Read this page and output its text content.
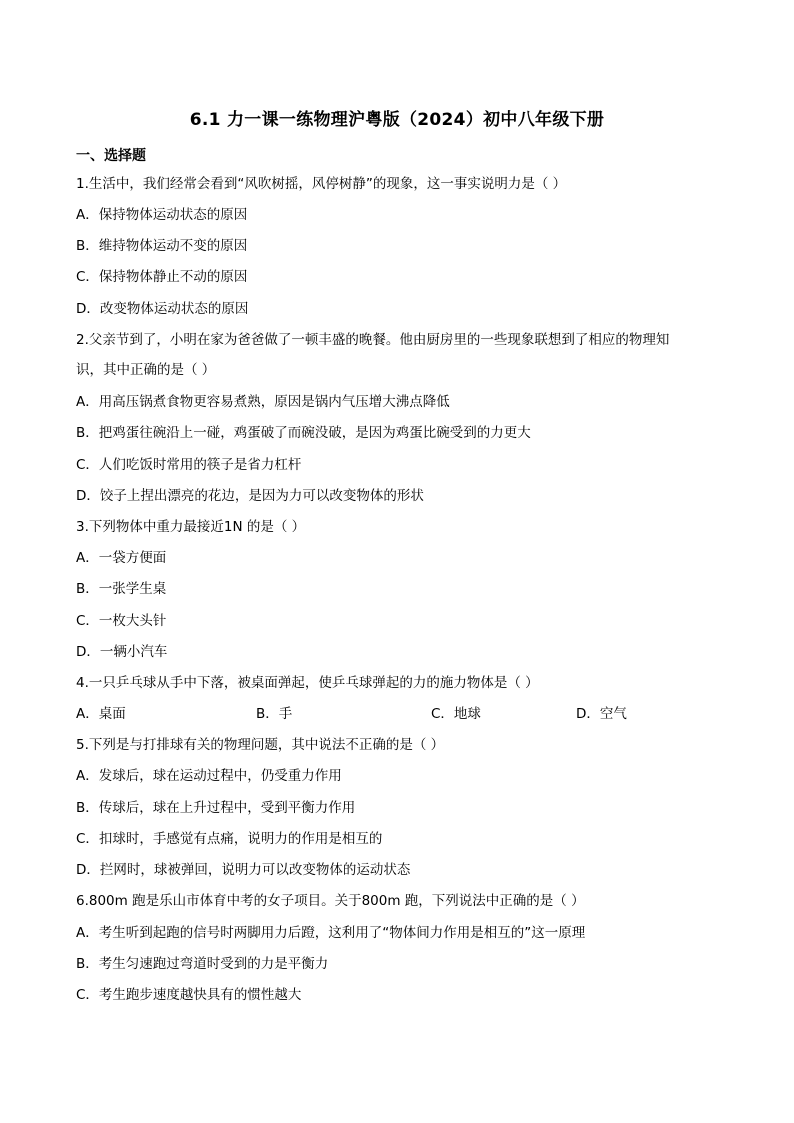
6.1 力一课一练物理沪粤版（2024）初中八年级下册
一、选择题
1.生活中，我们经常会看到“风吹树摇，风停树静”的现象，这一事实说明力是（ ）
A．保持物体运动状态的原因
B．维持物体运动不变的原因
C．保持物体静止不动的原因
D．改变物体运动状态的原因
2.父亲节到了，小明在家为爸爸做了一顿丰盛的晚餐。他由厨房里的一些现象联想到了相应的物理知
识，其中正确的是（ ）
A．用高压锅煮食物更容易煮熟，原因是锅内气压增大沸点降低
B．把鸡蛋往碗沿上一碰，鸡蛋破了而碗没破，是因为鸡蛋比碗受到的力更大
C．人们吃饭时常用的筷子是省力杠杆
D．饺子上捏出漂亮的花边，是因为力可以改变物体的形状
3.下列物体中重力最接近1N 的是（ ）
A．一袋方便面
B．一张学生桌
C．一枚大头针
D．一辆小汽车
4.一只乒乓球从手中下落，被桌面弹起，使乒乓球弹起的力的施力物体是（ ）
A．桌面	B．手	C．地球	D．空气
5.下列是与打排球有关的物理问题，其中说法不正确的是（ ）
A．发球后，球在运动过程中，仍受重力作用
B．传球后，球在上升过程中，受到平衡力作用
C．扣球时，手感觉有点痛，说明力的作用是相互的
D．拦网时，球被弹回，说明力可以改变物体的运动状态
6.800m 跑是乐山市体育中考的女子项目。关于800m 跑，下列说法中正确的是（ ）
A．考生听到起跑的信号时两脚用力后蹬，这利用了“物体间力作用是相互的”这一原理
B．考生匀速跑过弯道时受到的力是平衡力
C．考生跑步速度越快具有的惯性越大
